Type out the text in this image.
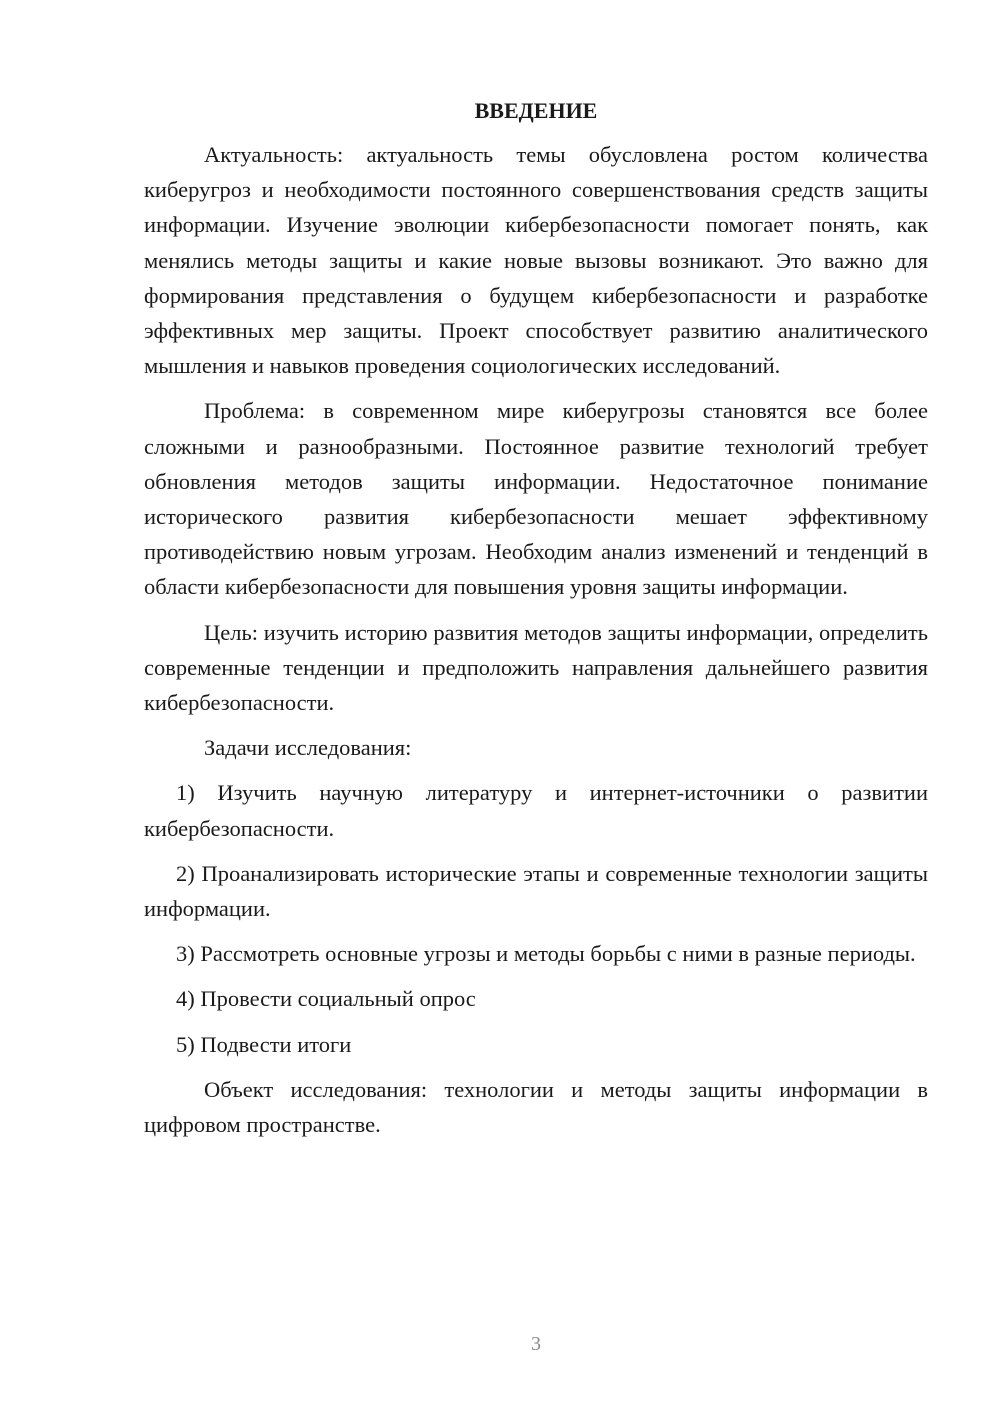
ВВЕДЕНИЕ

Актуальность: актуальность темы обусловлена ростом количества киберугроз и необходимости постоянного совершенствования средств защиты информации. Изучение эволюции кибербезопасности помогает понять, как менялись методы защиты и какие новые вызовы возникают. Это важно для формирования представления о будущем кибербезопасности и разработке эффективных мер защиты. Проект способствует развитию аналитического мышления и навыков проведения социологических исследований.

Проблема: в современном мире киберугрозы становятся все более сложными и разнообразными. Постоянное развитие технологий требует обновления методов защиты информации. Недостаточное понимание исторического развития кибербезопасности мешает эффективному противодействию новым угрозам. Необходим анализ изменений и тенденций в области кибербезопасности для повышения уровня защиты информации.

Цель: изучить историю развития методов защиты информации, определить современные тенденции и предположить направления дальнейшего развития кибербезопасности.

Задачи исследования:

1) Изучить научную литературу и интернет-источники о развитии кибербезопасности.

2) Проанализировать исторические этапы и современные технологии защиты информации.

3) Рассмотреть основные угрозы и методы борьбы с ними в разные периоды.

4) Провести социальный опрос

5) Подвести итоги

Объект исследования: технологии и методы защиты информации в цифровом пространстве.

3
